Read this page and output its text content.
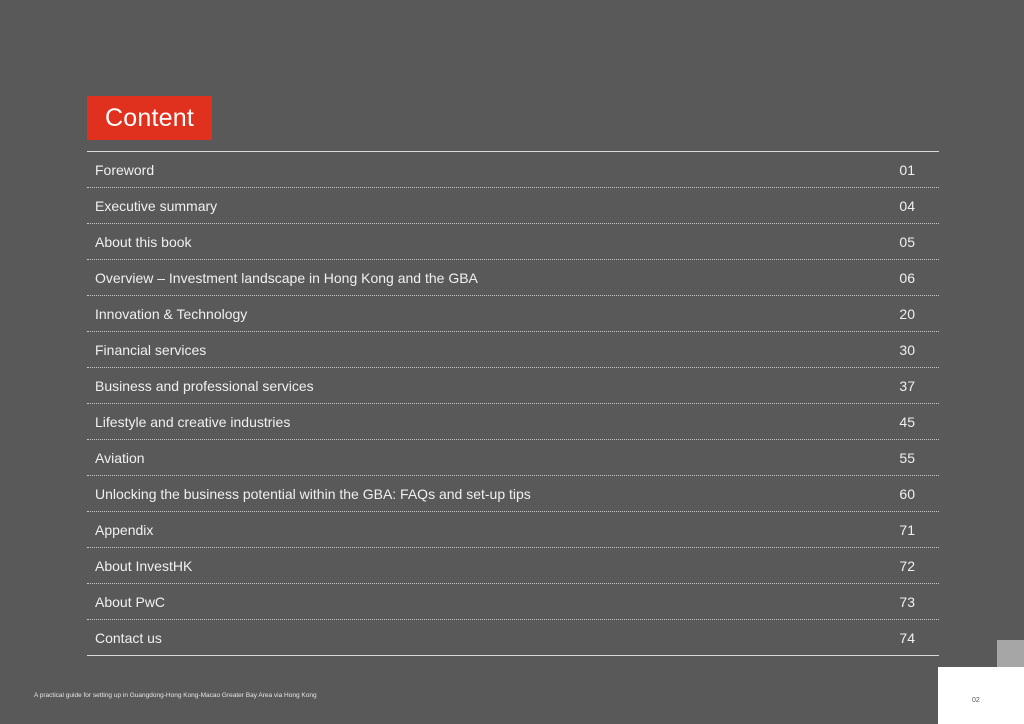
Content
Foreword	01
Executive summary	04
About this book	05
Overview – Investment landscape in Hong Kong and the GBA	06
Innovation & Technology	20
Financial services	30
Business and professional services	37
Lifestyle and creative industries	45
Aviation	55
Unlocking the business potential within the GBA: FAQs and set-up tips	60
Appendix	71
About InvestHK	72
About PwC	73
Contact us	74
A practical guide for setting up in Guangdong-Hong Kong-Macao Greater Bay Area via Hong Kong
02
